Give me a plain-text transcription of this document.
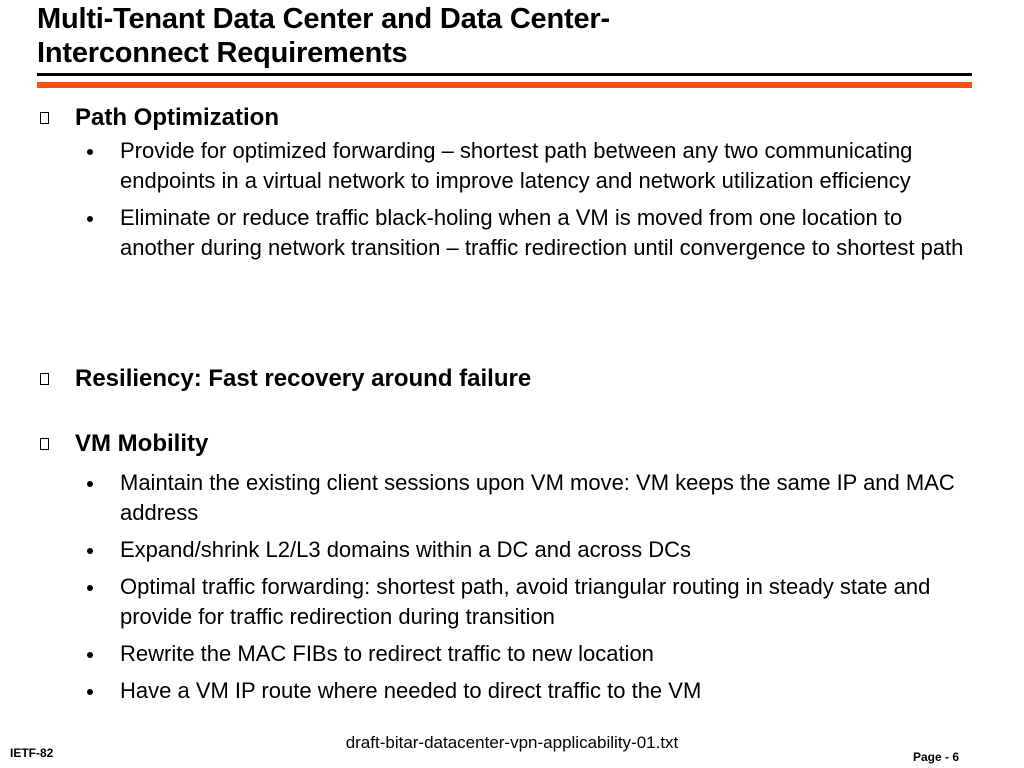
Multi-Tenant Data Center and Data Center-
Interconnect Requirements
Path Optimization
Provide for optimized forwarding – shortest path between any two communicating endpoints in a virtual network to improve latency and network utilization efficiency
Eliminate or reduce traffic black-holing when a VM is moved from one location to another during network transition – traffic redirection until convergence to shortest path
Resiliency: Fast recovery around failure
VM Mobility
Maintain the existing client sessions upon VM move: VM keeps the same IP and MAC address
Expand/shrink L2/L3 domains within a DC and across DCs
Optimal traffic forwarding: shortest path, avoid triangular routing in steady state and provide for traffic redirection during transition
Rewrite the MAC FIBs to redirect traffic to new location
Have a VM IP route where needed to direct traffic to the VM
IETF-82
draft-bitar-datacenter-vpn-applicability-01.txt
Page - 6
